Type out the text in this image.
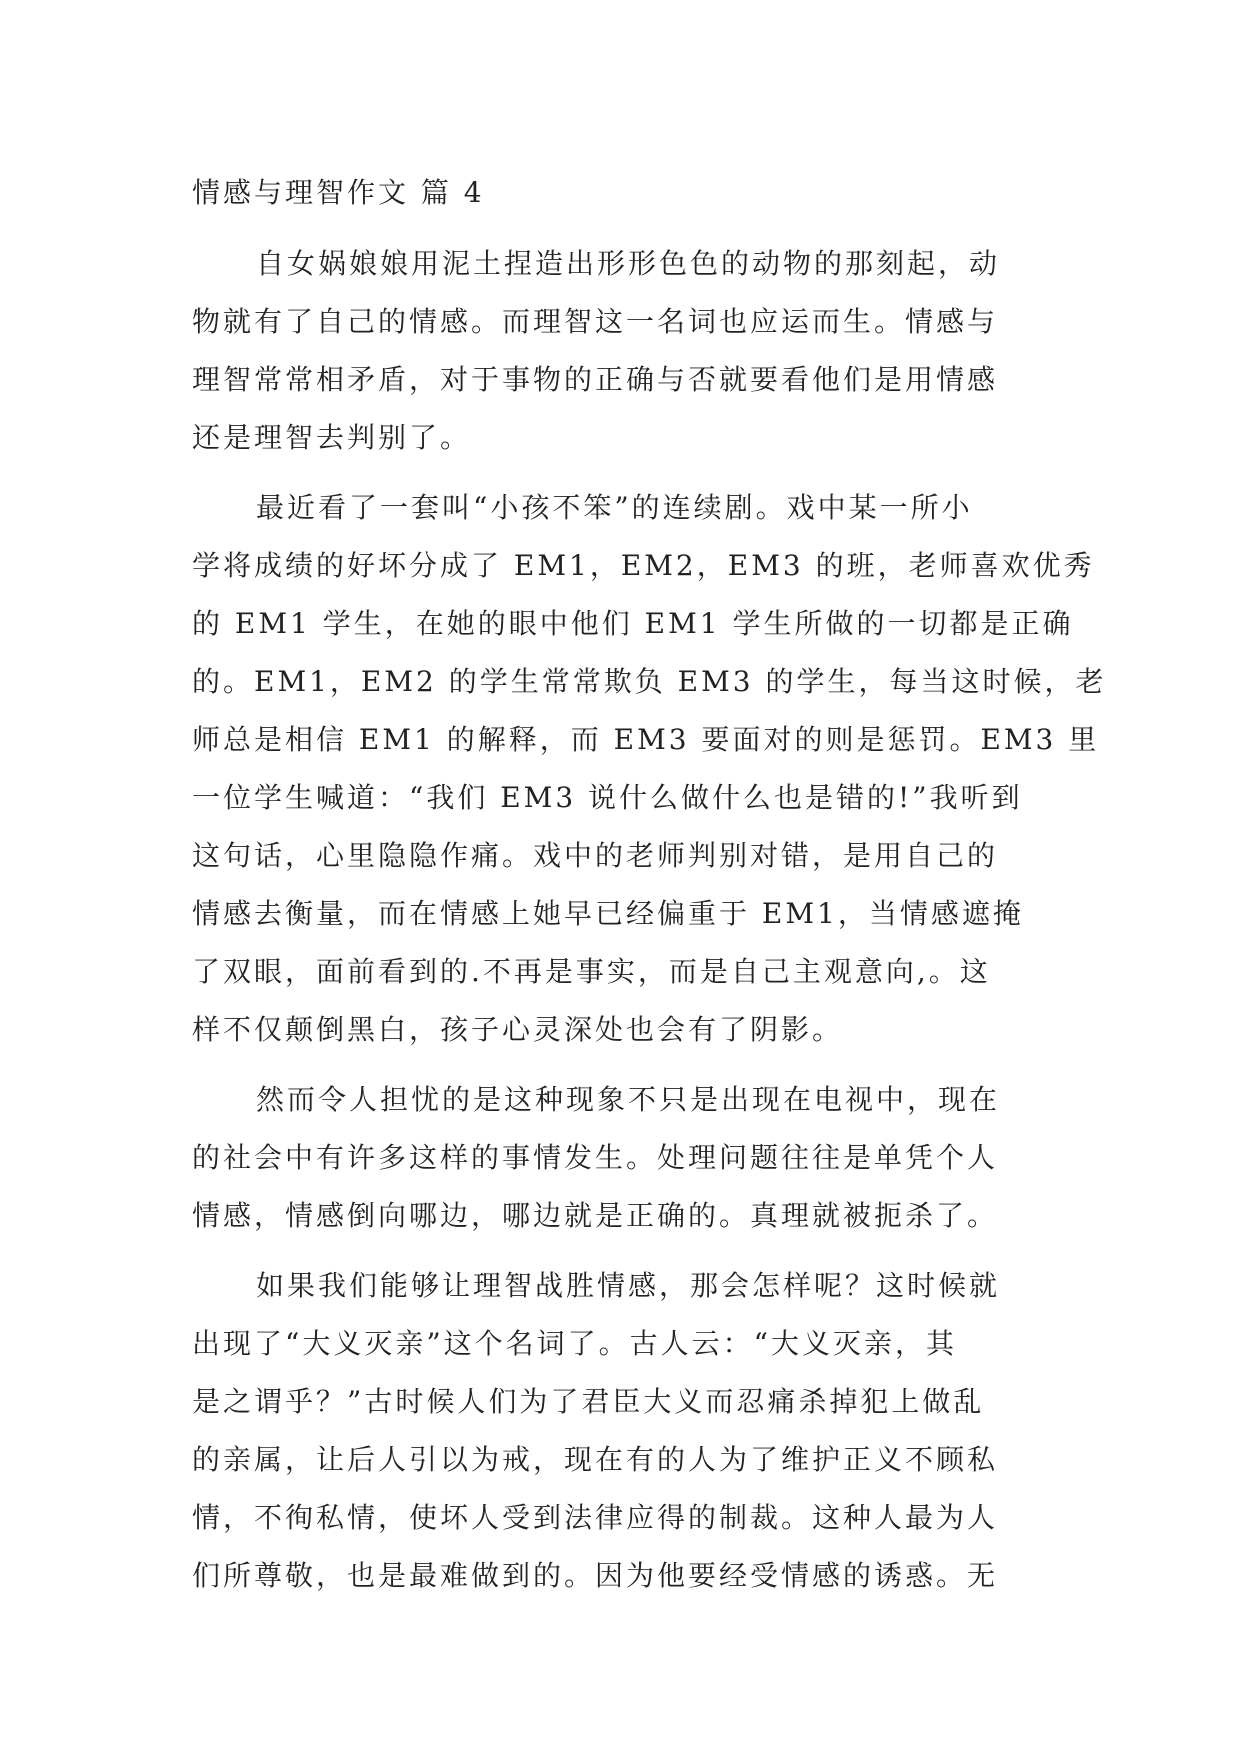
情感与理智作文 篇 4
自女娲娘娘用泥土捏造出形形色色的动物的那刻起，动
物就有了自己的情感。而理智这一名词也应运而生。情感与
理智常常相矛盾，对于事物的正确与否就要看他们是用情感
还是理智去判别了。
最近看了一套叫“小孩不笨”的连续剧。戏中某一所小
学将成绩的好坏分成了 EM1，EM2，EM3 的班，老师喜欢优秀
的 EM1 学生，在她的眼中他们 EM1 学生所做的一切都是正确
的。EM1，EM2 的学生常常欺负 EM3 的学生，每当这时候，老
师总是相信 EM1 的解释，而 EM3 要面对的则是惩罚。EM3 里
一位学生喊道：“我们 EM3 说什么做什么也是错的!”我听到
这句话，心里隐隐作痛。戏中的老师判别对错，是用自己的
情感去衡量，而在情感上她早已经偏重于 EM1，当情感遮掩
了双眼，面前看到的.不再是事实，而是自己主观意向,。这
样不仅颠倒黑白，孩子心灵深处也会有了阴影。
然而令人担忧的是这种现象不只是出现在电视中，现在
的社会中有许多这样的事情发生。处理问题往往是单凭个人
情感，情感倒向哪边，哪边就是正确的。真理就被扼杀了。
如果我们能够让理智战胜情感，那会怎样呢？这时候就
出现了“大义灭亲”这个名词了。古人云：“大义灭亲，其
是之谓乎？”古时候人们为了君臣大义而忍痛杀掉犯上做乱
的亲属，让后人引以为戒，现在有的人为了维护正义不顾私
情，不徇私情，使坏人受到法律应得的制裁。这种人最为人
们所尊敬，也是最难做到的。因为他要经受情感的诱惑。无
